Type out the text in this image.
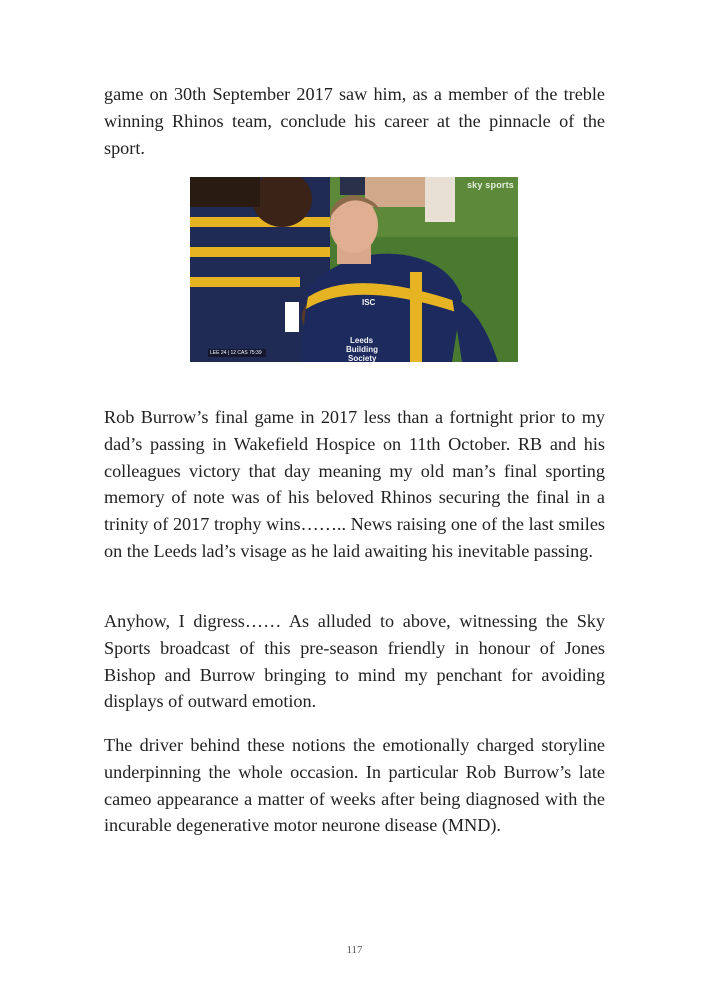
game on 30th September 2017 saw him, as a member of the treble winning Rhinos team, conclude his career at the pinnacle of the sport.

sky sports
LEE 24 | 12 CAS 75:39
ISC
Leeds
Building
Society

Rob Burrow’s final game in 2017 less than a fortnight prior to my dad’s passing in Wakefield Hospice on 11th October. RB and his colleagues victory that day meaning my old man’s final sporting memory of note was of his beloved Rhinos securing the final in a trinity of 2017 trophy wins…….. News raising one of the last smiles on the Leeds lad’s visage as he laid awaiting his inevitable passing.

Anyhow, I digress…… As alluded to above, witnessing the Sky Sports broadcast of this pre-season friendly in honour of Jones Bishop and Burrow bringing to mind my penchant for avoiding displays of outward emotion.

The driver behind these notions the emotionally charged storyline underpinning the whole occasion. In particular Rob Burrow’s late cameo appearance a matter of weeks after being diagnosed with the incurable degenerative motor neurone disease (MND).

117
